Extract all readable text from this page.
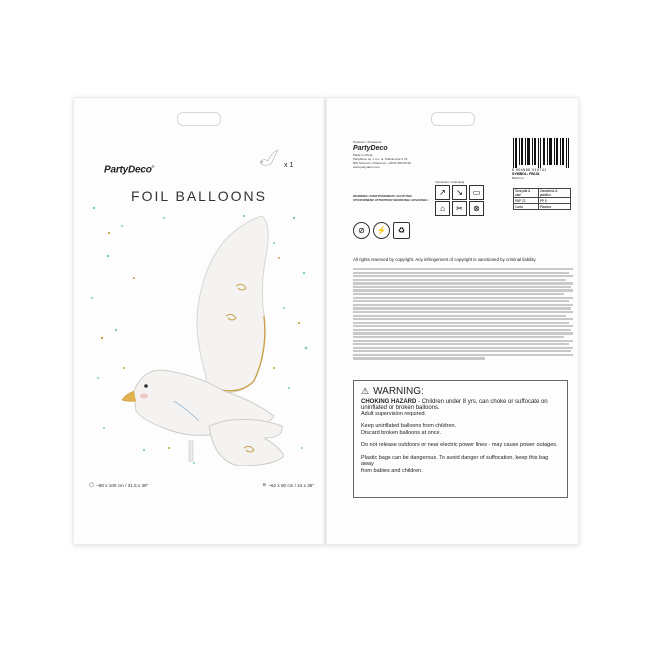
PartyDeco®	x 1
FOIL BALLOONS
◯ ~80 x 100 cm / 31.5 x 39"	⊖ ~62 x 90 cm / 24 x 35"
Producer / Producent
PartyDeco
Made in China
PartyDeco sp. z o.o. ul. Podzamcze 2 73-500 Szczecin, Poland tel. +48 61 500 60 02 www.partydeco.com
5 904555 010741
SYMBOL: FB131
Batch no.
WARNING! AVERTISSEMENT! ACHTUNG! UPOZORNENI! ATTENTION! WARNUNG! ADVARSEL!
Instruction / Instrukcja
↗	↘	▭
⌂	✂	⊗
Skrzydła & całe	Zawartość & plastiku
PAP 22	PP 5
Carta	Plastica
⊘	⚡	♻
All rights reserved by copyright. Any infringement of copyright is sanctioned by criminal liability.
⚠ WARNING:
CHOKING HAZARD - Children under 8 yrs. can choke or suffocate on uninflated or broken balloons.
Adult supervision required.
Keep uninflated balloons from children.
Discard broken balloons at once.
Do not release outdoors or near electric power lines - may cause power outages.
Plastic bags can be dangerous. To avoid danger of suffocation, keep this bag away
from babies and children.
